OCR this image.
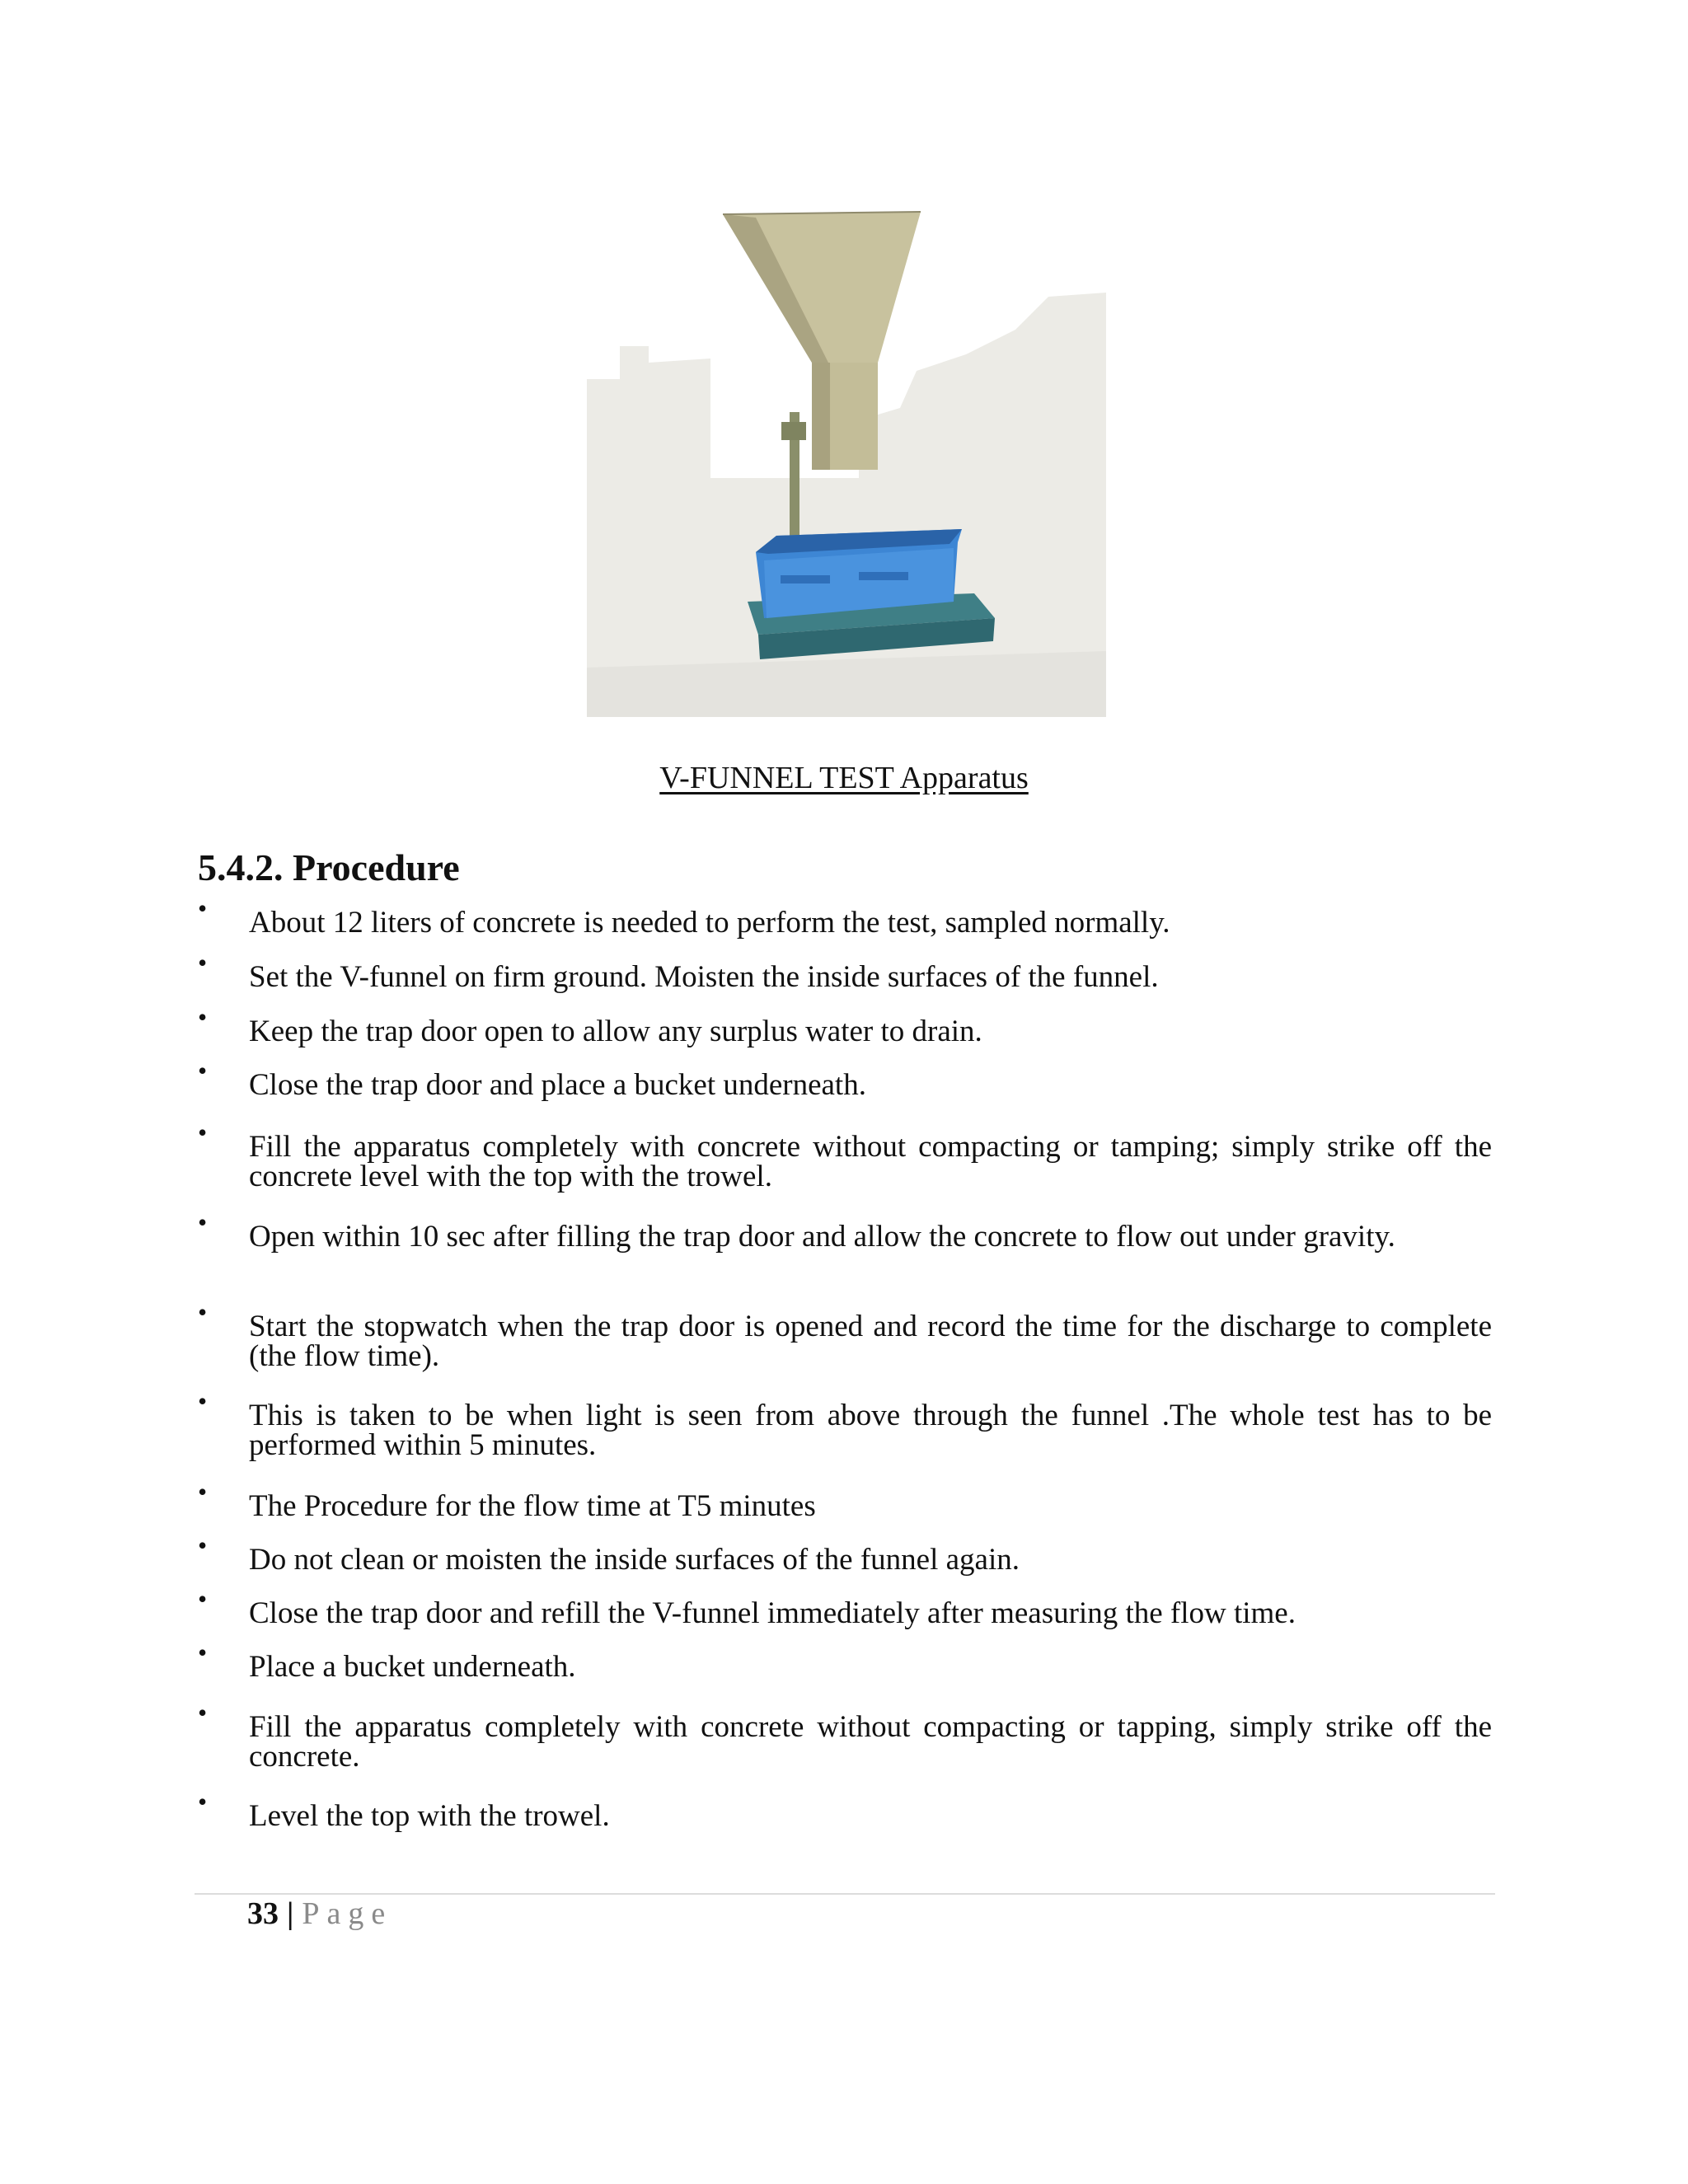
V-FUNNEL TEST Apparatus
5.4.2. Procedure
• About 12 liters of concrete is needed to perform the test, sampled normally.
• Set the V-funnel on firm ground. Moisten the inside surfaces of the funnel.
• Keep the trap door open to allow any surplus water to drain.
• Close the trap door and place a bucket underneath.
• Fill the apparatus completely with concrete without compacting or tamping; simply strike off the concrete level with the top with the trowel.
• Open within 10 sec after filling the trap door and allow the concrete to flow out under gravity.
• Start the stopwatch when the trap door is opened and record the time for the discharge to complete (the flow time).
• This is taken to be when light is seen from above through the funnel .The whole test has to be performed within 5 minutes.
• The Procedure for the flow time at T5 minutes
• Do not clean or moisten the inside surfaces of the funnel again.
• Close the trap door and refill the V-funnel immediately after measuring the flow time.
• Place a bucket underneath.
• Fill the apparatus completely with concrete without compacting or tapping, simply strike off the concrete.
• Level the top with the trowel.
33 | Page
